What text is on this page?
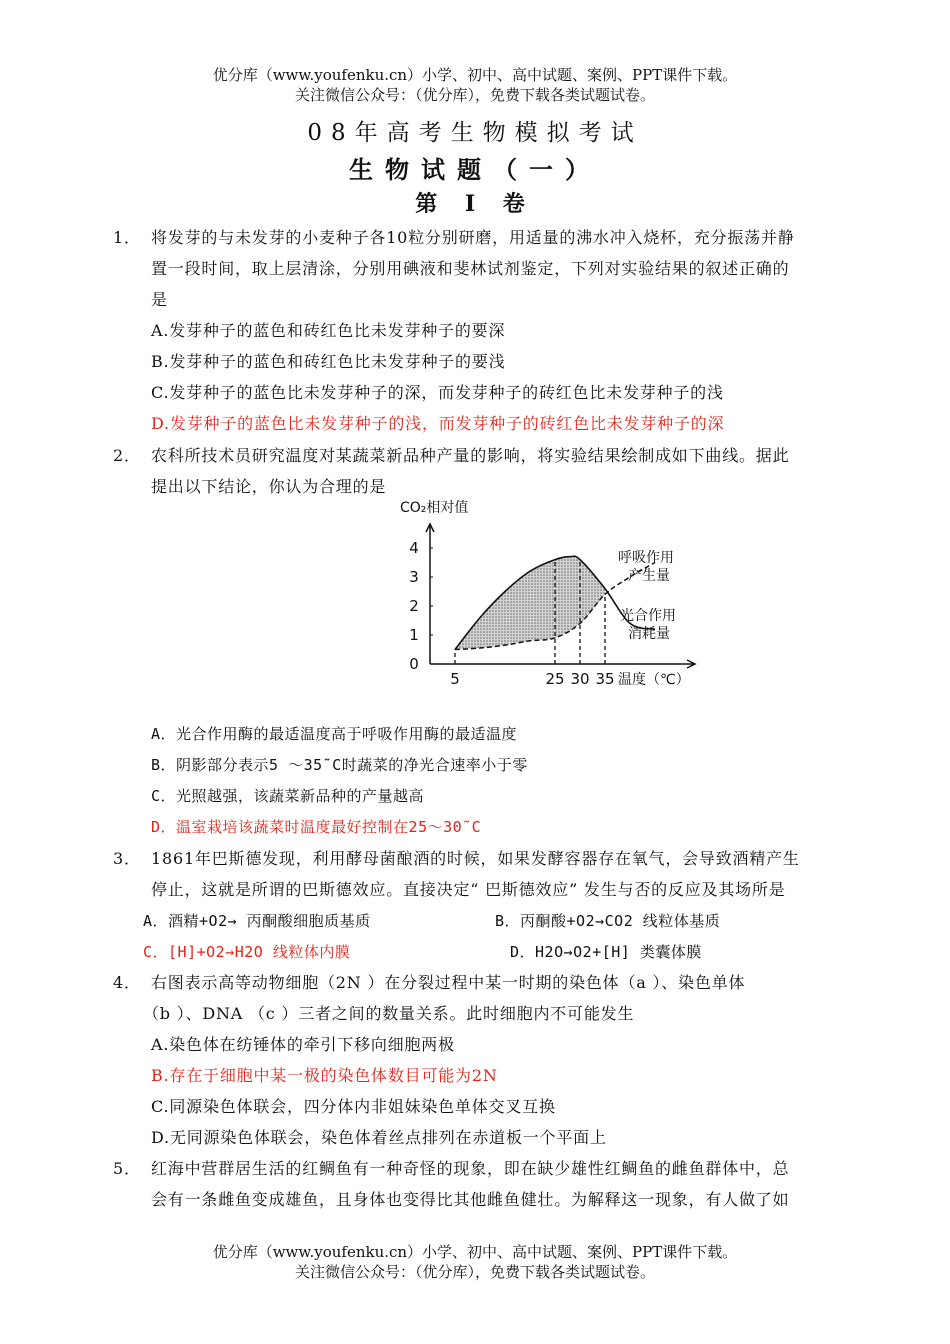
优分库（www.youfenku.cn）小学、初中、高中试题、案例、PPT课件下载。
关注微信公众号：（优分库），免费下载各类试题试卷。
08年高考生物模拟考试
生物试题（一）
第 I 卷
1． 将发芽的与未发芽的小麦种子各10粒分别研磨，用适量的沸水冲入烧杯，充分振荡并静
置一段时间，取上层清涂，分别用碘液和斐林试剂鉴定，下列对实验结果的叙述正确的
是
A.发芽种子的蓝色和砖红色比未发芽种子的要深
B.发芽种子的蓝色和砖红色比未发芽种子的要浅
C.发芽种子的蓝色比未发芽种子的深，而发芽种子的砖红色比未发芽种子的浅
D.发芽种子的蓝色比未发芽种子的浅，而发芽种子的砖红色比未发芽种子的深
2． 农科所技术员研究温度对某蔬菜新品种产量的影响，将实验结果绘制成如下曲线。据此
提出以下结论，你认为合理的是
0
1
2
3
4
5	25 30 35
CO₂相对值
温度（℃）
呼吸作用
产生量
光合作用
消耗量
A．光合作用酶的最适温度高于呼吸作用酶的最适温度
B．阴影部分表示5 ～35˜C时蔬菜的净光合速率小于零
C．光照越强，该蔬菜新品种的产量越高
D．温室栽培该蔬菜时温度最好控制在25～30˜C
3． 1861年巴斯德发现，利用酵母菌酿酒的时候，如果发酵容器存在氧气，会导致酒精产生
停止，这就是所谓的巴斯德效应。直接决定“ 巴斯德效应” 发生与否的反应及其场所是
A．酒精+O2→ 丙酮酸细胞质基质	B．丙酮酸+O2→CO2 线粒体基质
C．[H]+O2→H2O 线粒体内膜	D．H2O→O2+[H] 类囊体膜
4． 右图表示高等动物细胞（2N ）在分裂过程中某一时期的染色体（a ）、染色单体
（b ）、DNA （c ）三者之间的数量关系。此时细胞内不可能发生
A.染色体在纺锤体的牵引下移向细胞两极
B.存在于细胞中某一极的染色体数目可能为2N
C.同源染色体联会，四分体内非姐妹染色单体交叉互换
D.无同源染色体联会，染色体着丝点排列在赤道板一个平面上
5． 红海中营群居生活的红鲷鱼有一种奇怪的现象，即在缺少雄性红鲷鱼的雌鱼群体中，总
会有一条雌鱼变成雄鱼，且身体也变得比其他雌鱼健壮。为解释这一现象，有人做了如
优分库（www.youfenku.cn）小学、初中、高中试题、案例、PPT课件下载。
关注微信公众号：（优分库），免费下载各类试题试卷。
